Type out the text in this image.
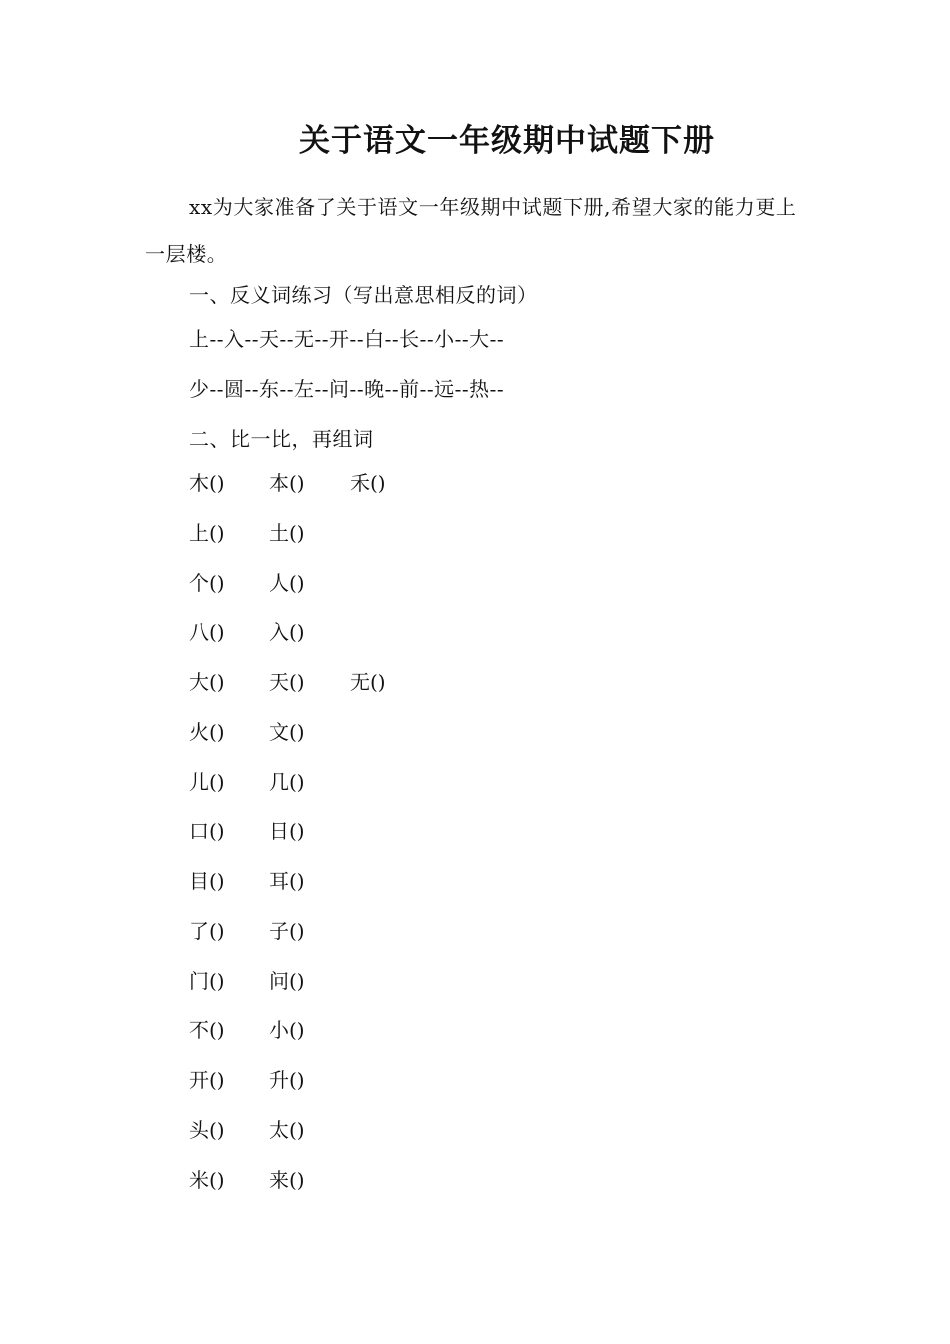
关于语文一年级期中试题下册
xx为大家准备了关于语文一年级期中试题下册,希望大家的能力更上一层楼。
一、反义词练习（写出意思相反的词）
上--入--天--无--开--白--长--小--大--
少--圆--东--左--问--晚--前--远--热--
二、比一比，再组词
木() 本() 禾()
上() 土()
个() 人()
八() 入()
大() 天() 无()
火() 文()
儿() 几()
口() 日()
目() 耳()
了() 子()
门() 问()
不() 小()
开() 升()
头() 太()
米() 来()
